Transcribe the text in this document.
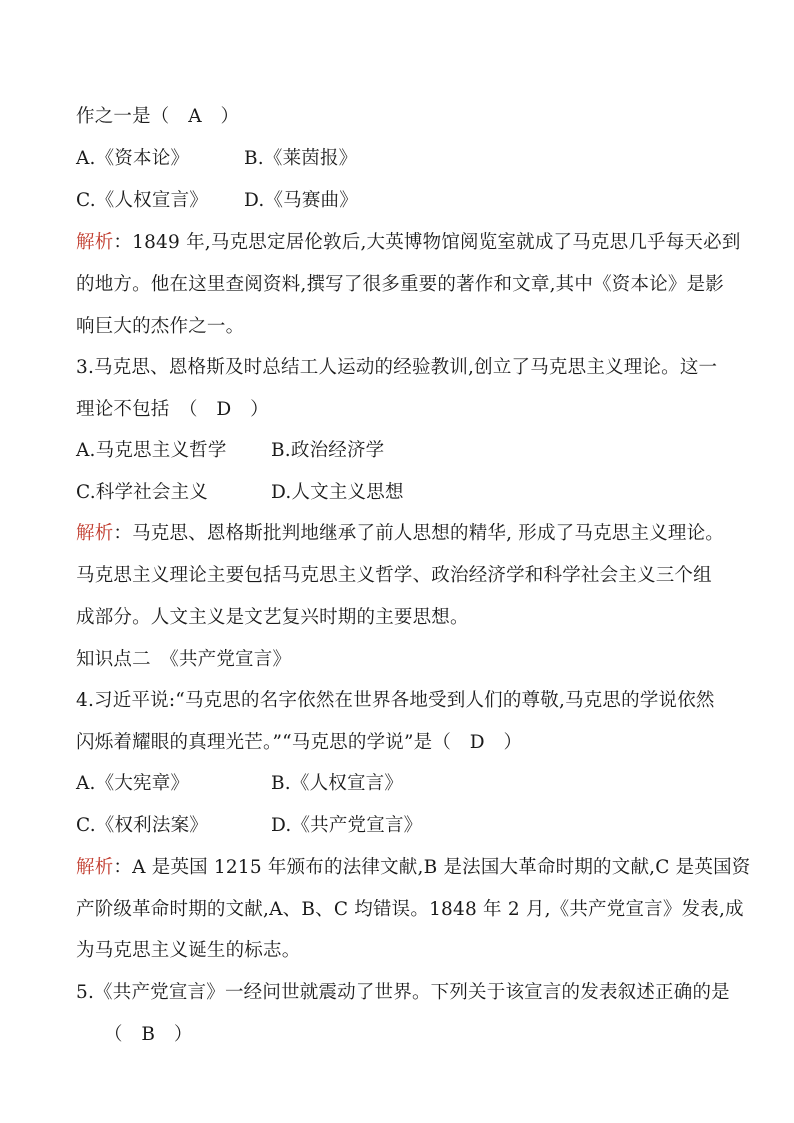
作之一是（　A　）
A.《资本论》	B.《莱茵报》
C.《人权宣言》 D.《马赛曲》
解析：1849 年,马克思定居伦敦后,大英博物馆阅览室就成了马克思几乎每天必到
的地方。他在这里查阅资料,撰写了很多重要的著作和文章,其中《资本论》是影
响巨大的杰作之一。
3.马克思、恩格斯及时总结工人运动的经验教训,创立了马克思主义理论。这一
理论不包括　（　D　）
A.马克思主义哲学 B.政治经济学
C.科学社会主义	D.人文主义思想
解析：马克思、恩格斯批判地继承了前人思想的精华, 形成了马克思主义理论。
马克思主义理论主要包括马克思主义哲学、政治经济学和科学社会主义三个组
成部分。人文主义是文艺复兴时期的主要思想。
知识点二　《共产党宣言》
4.习近平说:“马克思的名字依然在世界各地受到人们的尊敬,马克思的学说依然
闪烁着耀眼的真理光芒。”“马克思的学说”是（　D　）
A.《大宪章》	B.《人权宣言》
C.《权利法案》	D.《共产党宣言》
解析：A 是英国 1215 年颁布的法律文献,B 是法国大革命时期的文献,C 是英国资
产阶级革命时期的文献,A、B、C 均错误。1848 年 2 月,《共产党宣言》发表,成
为马克思主义诞生的标志。
5.《共产党宣言》一经问世就震动了世界。下列关于该宣言的发表叙述正确的是
（　B　）
